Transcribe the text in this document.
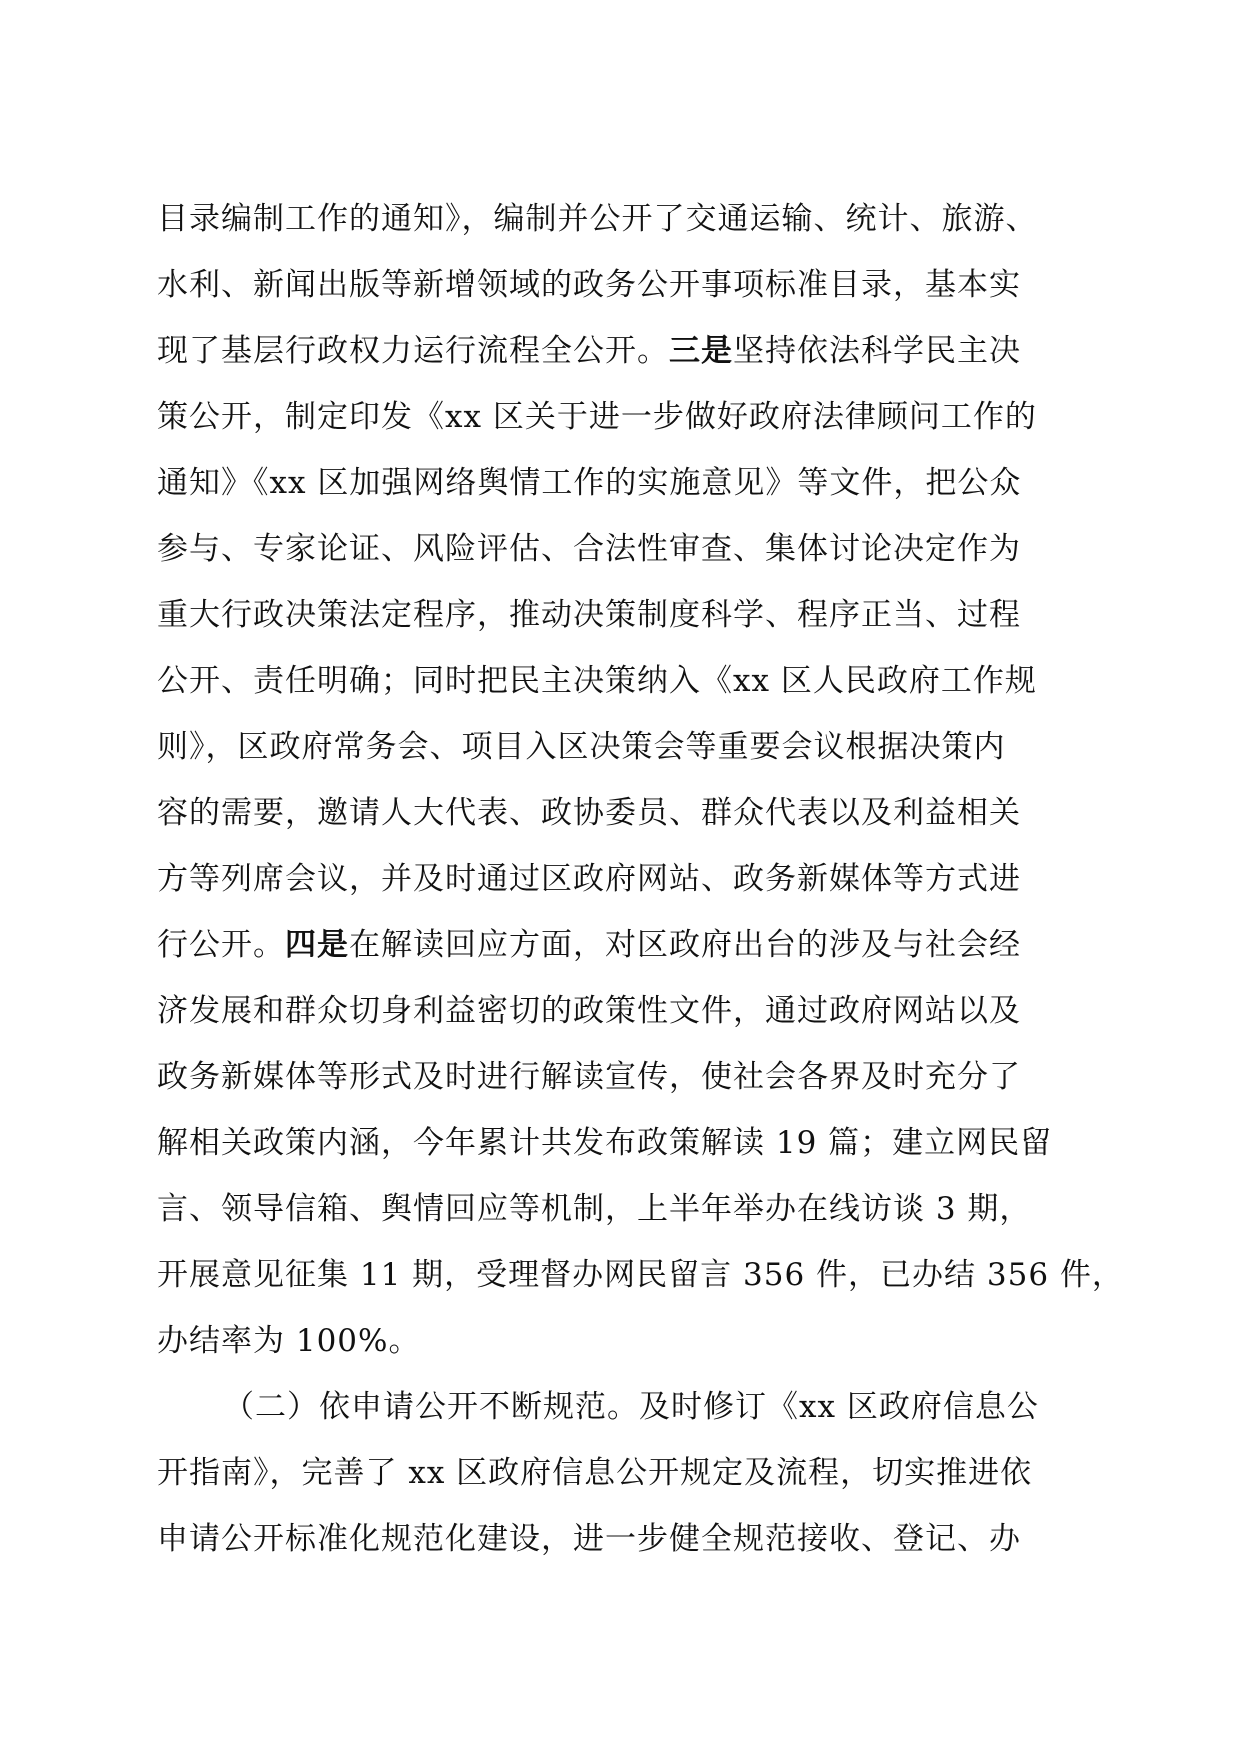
目录编制工作的通知》，编制并公开了交通运输、统计、旅游、
水利、新闻出版等新增领域的政务公开事项标准目录，基本实
现了基层行政权力运行流程全公开。三是坚持依法科学民主决
策公开，制定印发《xx 区关于进一步做好政府法律顾问工作的
通知》《xx 区加强网络舆情工作的实施意见》等文件，把公众
参与、专家论证、风险评估、合法性审查、集体讨论决定作为
重大行政决策法定程序，推动决策制度科学、程序正当、过程
公开、责任明确；同时把民主决策纳入《xx 区人民政府工作规
则》，区政府常务会、项目入区决策会等重要会议根据决策内
容的需要，邀请人大代表、政协委员、群众代表以及利益相关
方等列席会议，并及时通过区政府网站、政务新媒体等方式进
行公开。四是在解读回应方面，对区政府出台的涉及与社会经
济发展和群众切身利益密切的政策性文件，通过政府网站以及
政务新媒体等形式及时进行解读宣传，使社会各界及时充分了
解相关政策内涵，今年累计共发布政策解读 19 篇；建立网民留
言、领导信箱、舆情回应等机制，上半年举办在线访谈 3 期，
开展意见征集 11 期，受理督办网民留言 356 件，已办结 356 件，
办结率为 100%。
（二）依申请公开不断规范。及时修订《xx 区政府信息公
开指南》，完善了 xx 区政府信息公开规定及流程，切实推进依
申请公开标准化规范化建设，进一步健全规范接收、登记、办
